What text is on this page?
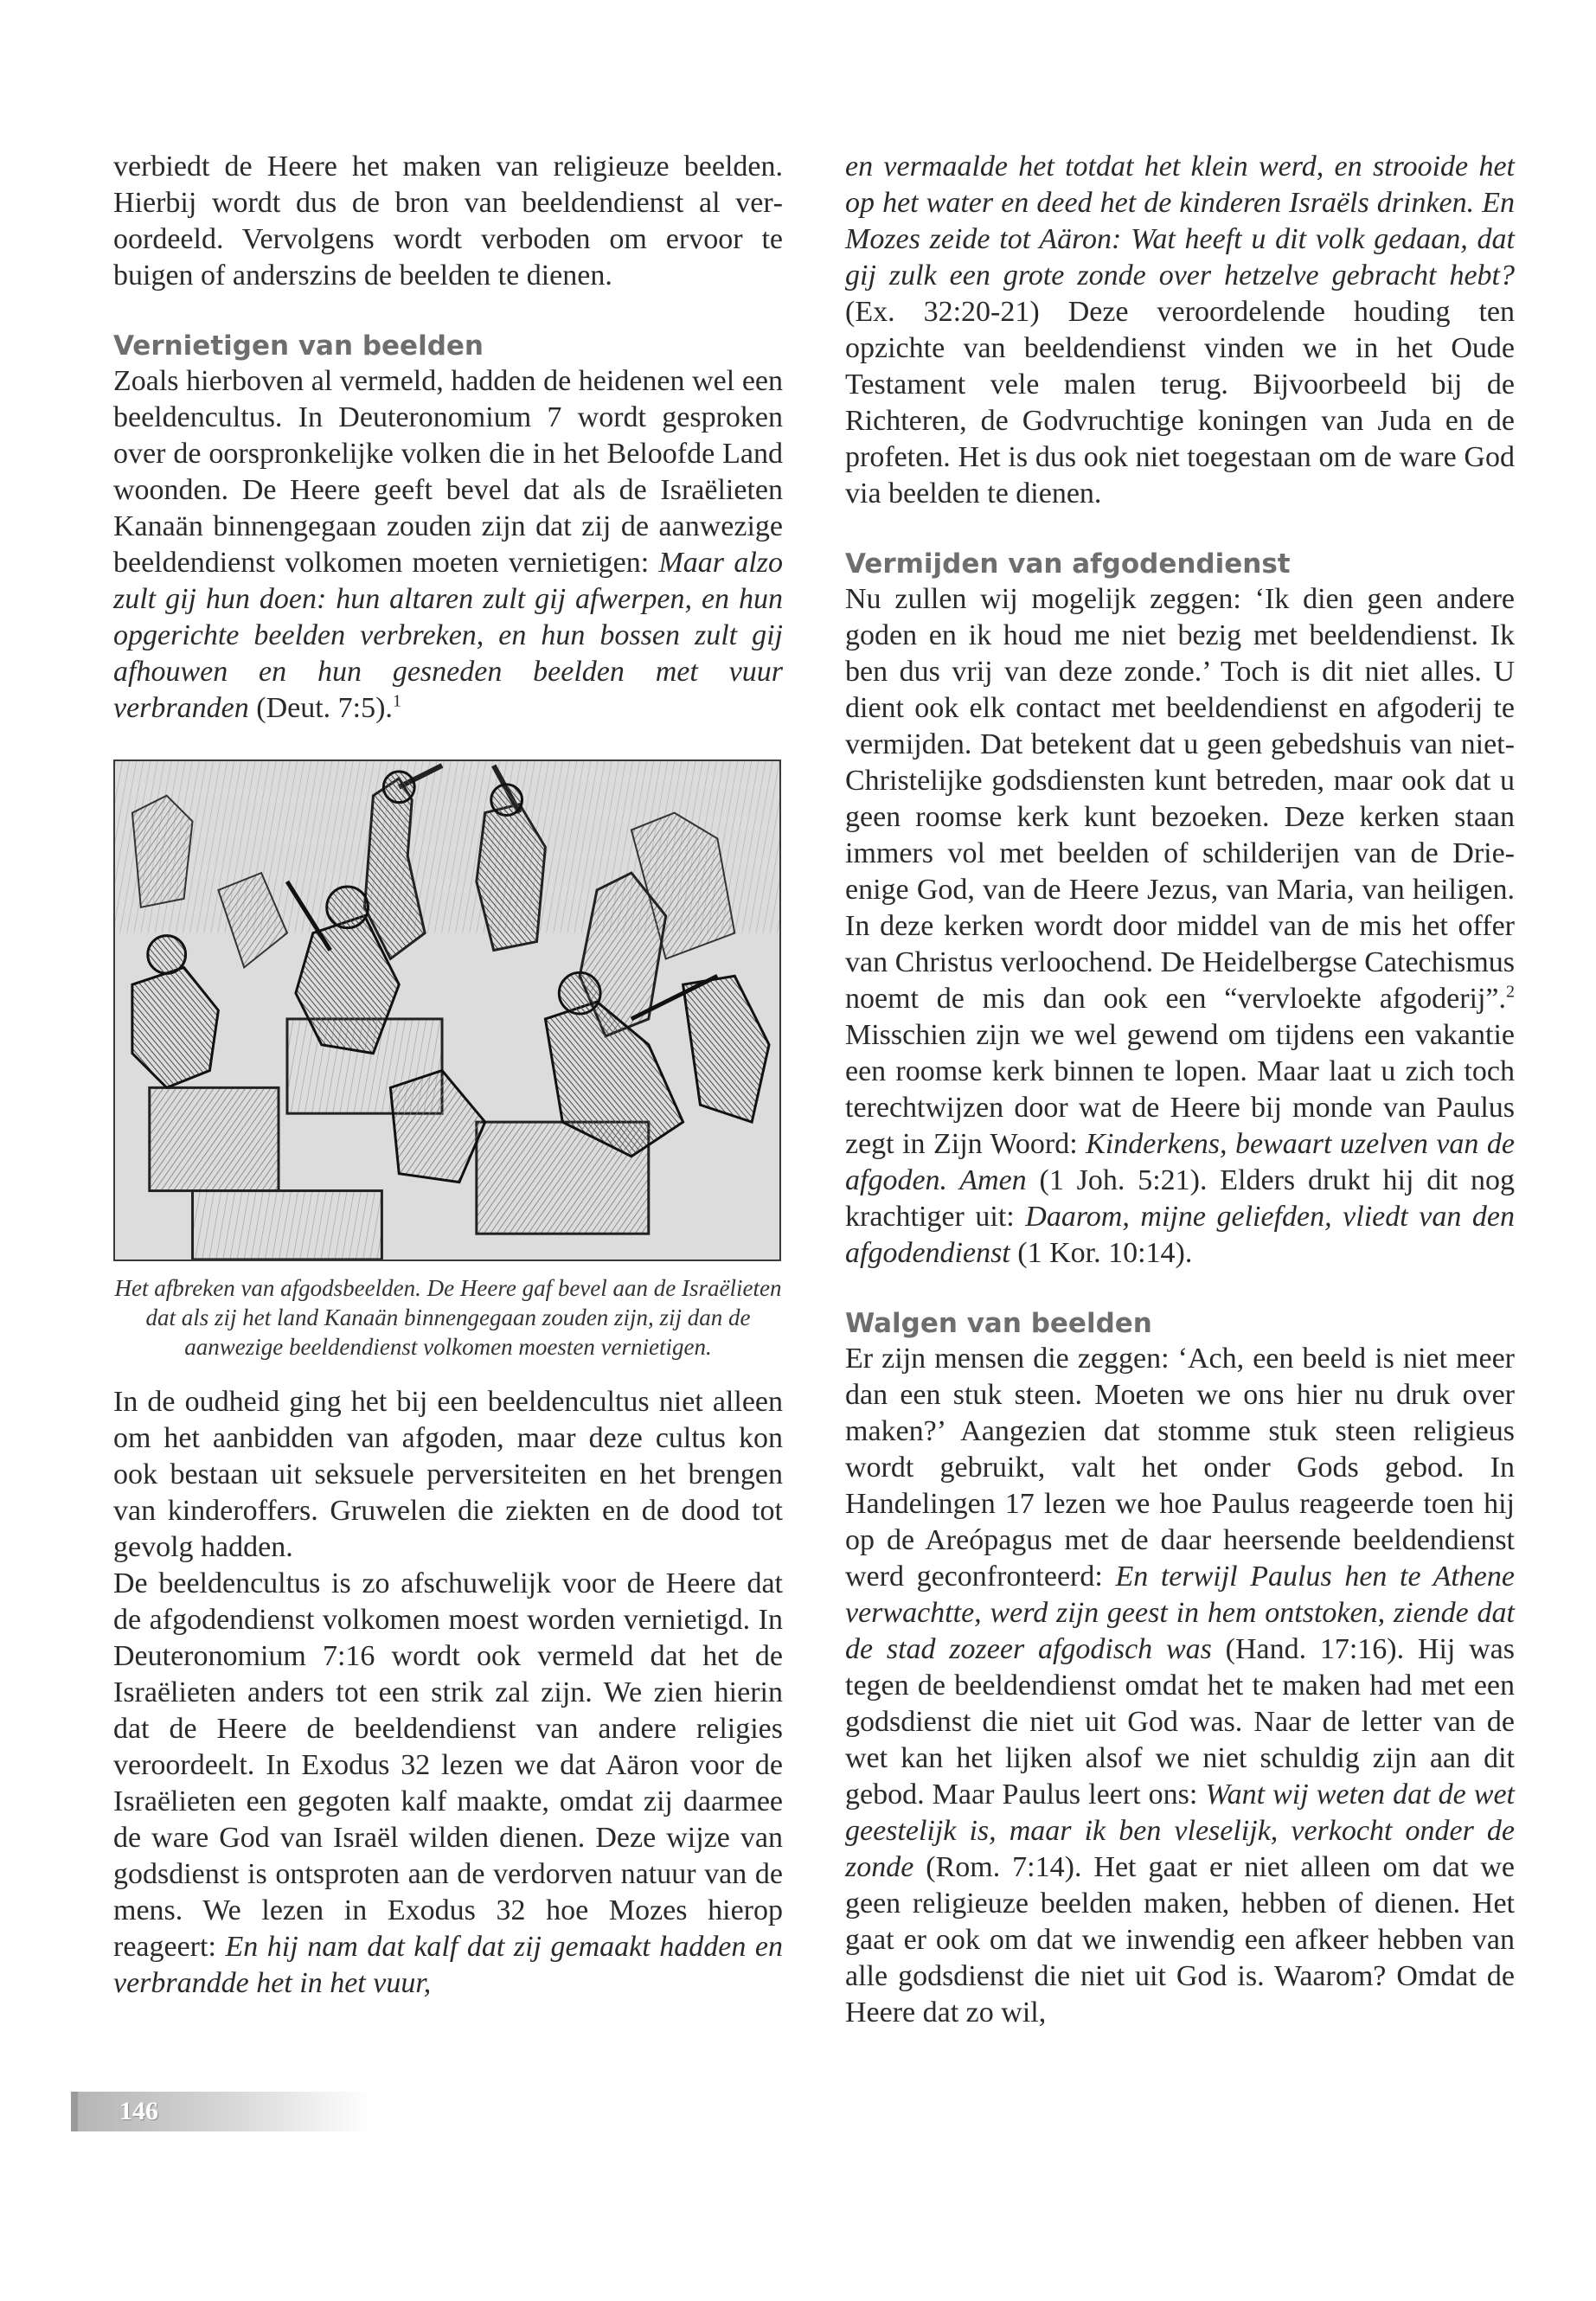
verbiedt de Heere het maken van religieuze beelden. Hierbij wordt dus de bron van beeldendienst al veroordeeld. Vervolgens wordt verboden om ervoor te buigen of anderszins de beelden te dienen.

Vernietigen van beelden

Zoals hierboven al vermeld, hadden de heidenen wel een beeldencultus. In Deuteronomium 7 wordt gesproken over de oorspronkelijke volken die in het Beloofde Land woonden. De Heere geeft bevel dat als de Israëlieten Kanaän binnengegaan zouden zijn dat zij de aanwezige beeldendienst volkomen moeten vernietigen: Maar alzo zult gij hun doen: hun altaren zult gij afwerpen, en hun opgerichte beelden verbreken, en hun bossen zult gij afhouwen en hun gesneden beelden met vuur verbranden (Deut. 7:5).$^1$

Het afbreken van afgodsbeelden. De Heere gaf bevel aan de Israëlieten dat als zij het land Kanaän binnengegaan zouden zijn, zij dan de aanwezige beeldendienst volkomen moesten vernietigen.

In de oudheid ging het bij een beeldencultus niet alleen om het aanbidden van afgoden, maar deze cultus kon ook bestaan uit seksuele perversiteiten en het brengen van kinderoffers. Gruwelen die ziekten en de dood tot gevolg hadden.

De beeldencultus is zo afschuwelijk voor de Heere dat de afgodendienst volkomen moest worden vernietigd. In Deuteronomium 7:16 wordt ook vermeld dat het de Israëlieten anders tot een strik zal zijn. We zien hierin dat de Heere de beeldendienst van andere religies veroordeelt. In Exodus 32 lezen we dat Aäron voor de Israëlieten een gegoten kalf maakte, omdat zij daarmee de ware God van Israël wilden dienen. Deze wijze van godsdienst is ontsproten aan de verdorven natuur van de mens. We lezen in Exodus 32 hoe Mozes hierop reageert: En hij nam dat kalf dat zij gemaakt hadden en verbrandde het in het vuur,

en vermaalde het totdat het klein werd, en strooide het op het water en deed het de kinderen Israëls drinken. En Mozes zeide tot Aäron: Wat heeft u dit volk gedaan, dat gij zulk een grote zonde over hetzelve gebracht hebt? (Ex. 32:20-21) Deze veroordelende houding ten opzichte van beeldendienst vinden we in het Oude Testament vele malen terug. Bijvoorbeeld bij de Richteren, de Godvruchtige koningen van Juda en de profeten. Het is dus ook niet toegestaan om de ware God via beelden te dienen.

Vermijden van afgodendienst

Nu zullen wij mogelijk zeggen: ‘Ik dien geen andere goden en ik houd me niet bezig met beeldendienst. Ik ben dus vrij van deze zonde.’ Toch is dit niet alles. U dient ook elk contact met beeldendienst en afgoderij te vermijden. Dat betekent dat u geen gebedshuis van niet-Christelijke godsdiensten kunt betreden, maar ook dat u geen roomse kerk kunt bezoeken. Deze kerken staan immers vol met beelden of schilderijen van de Drie-enige God, van de Heere Jezus, van Maria, van heiligen. In deze kerken wordt door middel van de mis het offer van Christus verloochend. De Heidelbergse Catechismus noemt de mis dan ook een “vervloekte afgoderij”.$^2$ Misschien zijn we wel gewend om tijdens een vakantie een roomse kerk binnen te lopen. Maar laat u zich toch terechtwijzen door wat de Heere bij monde van Paulus zegt in Zijn Woord: Kinderkens, bewaart uzelven van de afgoden. Amen (1 Joh. 5:21). Elders drukt hij dit nog krachtiger uit: Daarom, mijne geliefden, vliedt van den afgodendienst (1 Kor. 10:14).

Walgen van beelden

Er zijn mensen die zeggen: ‘Ach, een beeld is niet meer dan een stuk steen. Moeten we ons hier nu druk over maken?’ Aangezien dat stomme stuk steen religieus wordt gebruikt, valt het onder Gods gebod. In Handelingen 17 lezen we hoe Paulus reageerde toen hij op de Areópagus met de daar heersende beeldendienst werd geconfronteerd: En terwijl Paulus hen te Athene verwachtte, werd zijn geest in hem ontstoken, ziende dat de stad zozeer afgodisch was (Hand. 17:16). Hij was tegen de beeldendienst omdat het te maken had met een godsdienst die niet uit God was. Naar de letter van de wet kan het lijken alsof we niet schuldig zijn aan dit gebod. Maar Paulus leert ons: Want wij weten dat de wet geestelijk is, maar ik ben vleselijk, verkocht onder de zonde (Rom. 7:14). Het gaat er niet alleen om dat we geen religieuze beelden maken, hebben of dienen. Het gaat er ook om dat we inwendig een afkeer hebben van alle godsdienst die niet uit God is. Waarom? Omdat de Heere dat zo wil,

146
